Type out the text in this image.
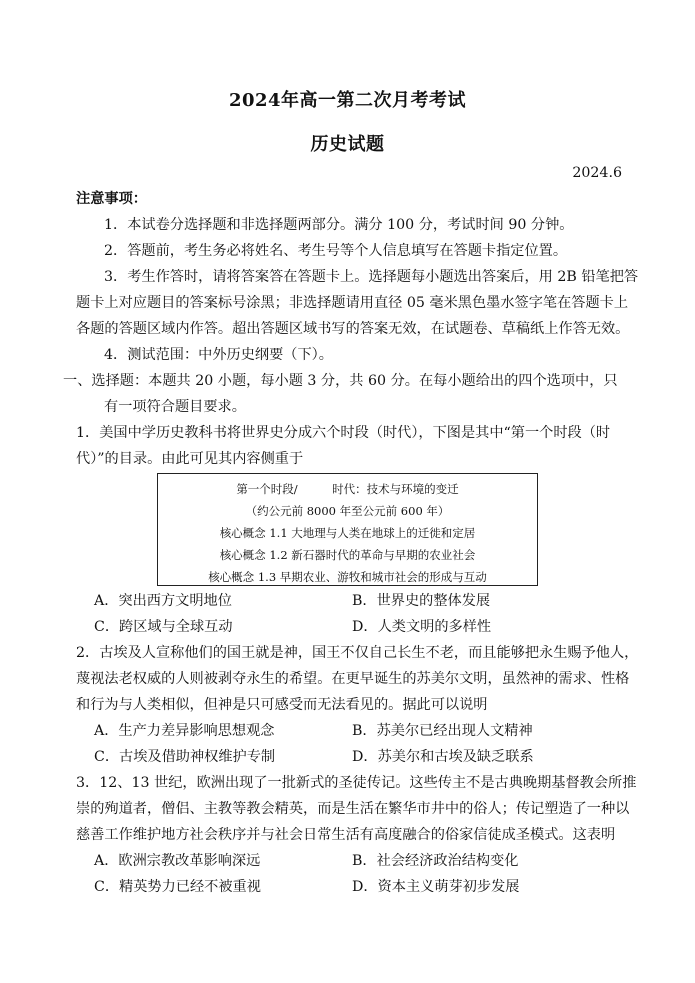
2024年高一第二次月考考试
历史试题
2024.6
注意事项：
1．本试卷分选择题和非选择题两部分。满分 100 分，考试时间 90 分钟。
2．答题前，考生务必将姓名、考生号等个人信息填写在答题卡指定位置。
3．考生作答时，请将答案答在答题卡上。选择题每小题选出答案后，用 2B 铅笔把答
题卡上对应题目的答案标号涂黑；非选择题请用直径 05 毫米黑色墨水签字笔在答题卡上
各题的答题区域内作答。超出答题区域书写的答案无效，在试题卷、草稿纸上作答无效。
4．测试范围：中外历史纲要（下）。
一、选择题：本题共 20 小题，每小题 3 分，共 60 分。在每小题给出的四个选项中，只
有一项符合题目要求。
1．美国中学历史教科书将世界史分成六个时段（时代），下图是其中“第一个时段（时
代）”的目录。由此可见其内容侧重于
第一个时段/　　　时代：技术与环境的变迁
（约公元前 8000 年至公元前 600 年）
核心概念 1.1 大地理与人类在地球上的迁徙和定居
核心概念 1.2 新石器时代的革命与早期的农业社会
核心概念 1.3 早期农业、游牧和城市社会的形成与互动
A．突出西方文明地位	B．世界史的整体发展
C．跨区域与全球互动	D．人类文明的多样性
2．古埃及人宣称他们的国王就是神，国王不仅自己长生不老，而且能够把永生赐予他人，
蔑视法老权威的人则被剥夺永生的希望。在更早诞生的苏美尔文明，虽然神的需求、性格
和行为与人类相似，但神是只可感受而无法看见的。据此可以说明
A．生产力差异影响思想观念	B．苏美尔已经出现人文精神
C．古埃及借助神权维护专制	D．苏美尔和古埃及缺乏联系
3．12、13 世纪，欧洲出现了一批新式的圣徒传记。这些传主不是古典晚期基督教会所推
崇的殉道者，僧侣、主教等教会精英，而是生活在繁华市井中的俗人；传记塑造了一种以
慈善工作维护地方社会秩序并与社会日常生活有高度融合的俗家信徒成圣模式。这表明
A．欧洲宗教改革影响深远	B．社会经济政治结构变化
C．精英势力已经不被重视	D．资本主义萌芽初步发展
